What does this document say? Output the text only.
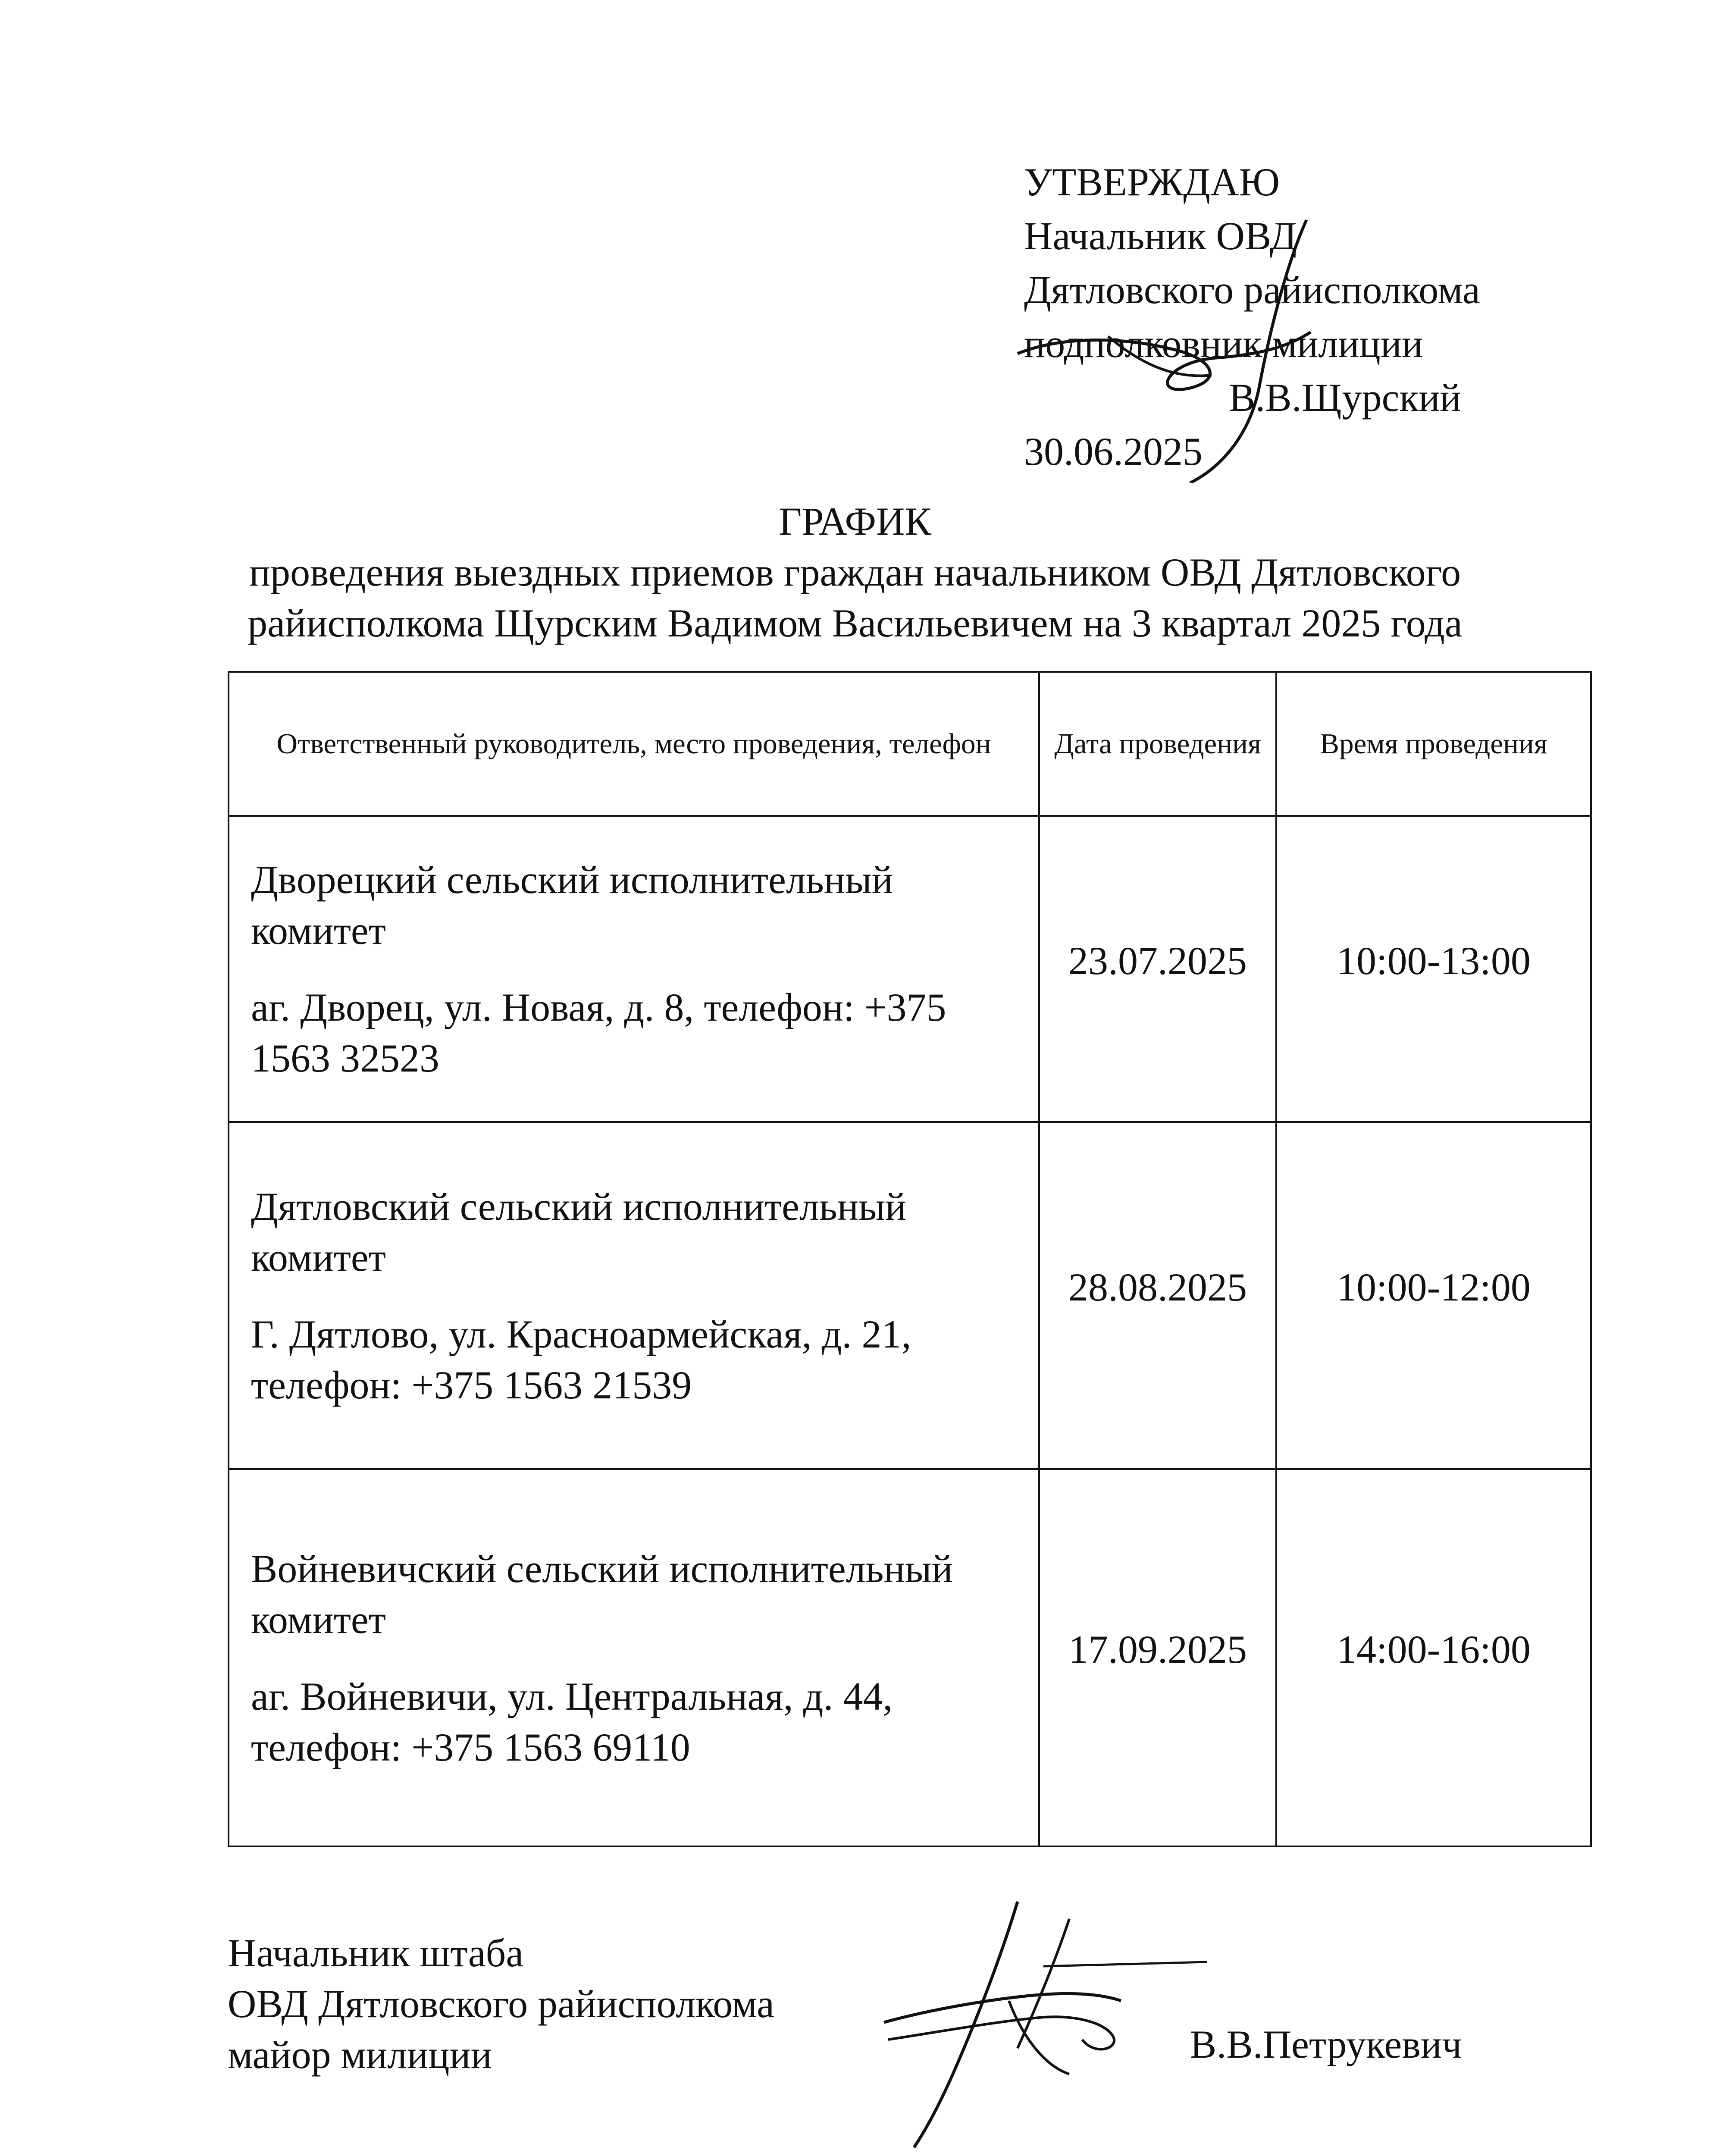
УТВЕРЖДАЮ
Начальник ОВД
Дятловского райисполкома
подполковник милиции
В.В.Щурский
30.06.2025
ГРАФИК
проведения выездных приемов граждан начальником ОВД Дятловского райисполкома Щурским Вадимом Васильевичем на 3 квартал 2025 года
Ответственный руководитель, место проведения, телефон	Дата проведения	Время проведения

Дворецкий сельский исполнительный комитет

аг. Дворец, ул. Новая, д. 8, телефон: +375 1563 32523	23.07.2025	10:00-13:00

Дятловский сельский исполнительный комитет

Г. Дятлово, ул. Красноармейская, д. 21, телефон: +375 1563 21539	28.08.2025	10:00-12:00

Войневичский сельский исполнительный комитет

аг. Войневичи, ул. Центральная, д. 44, телефон: +375 1563 69110	17.09.2025	14:00-16:00
Начальник штаба
ОВД Дятловского райисполкома
майор милиции	В.В.Петрукевич
